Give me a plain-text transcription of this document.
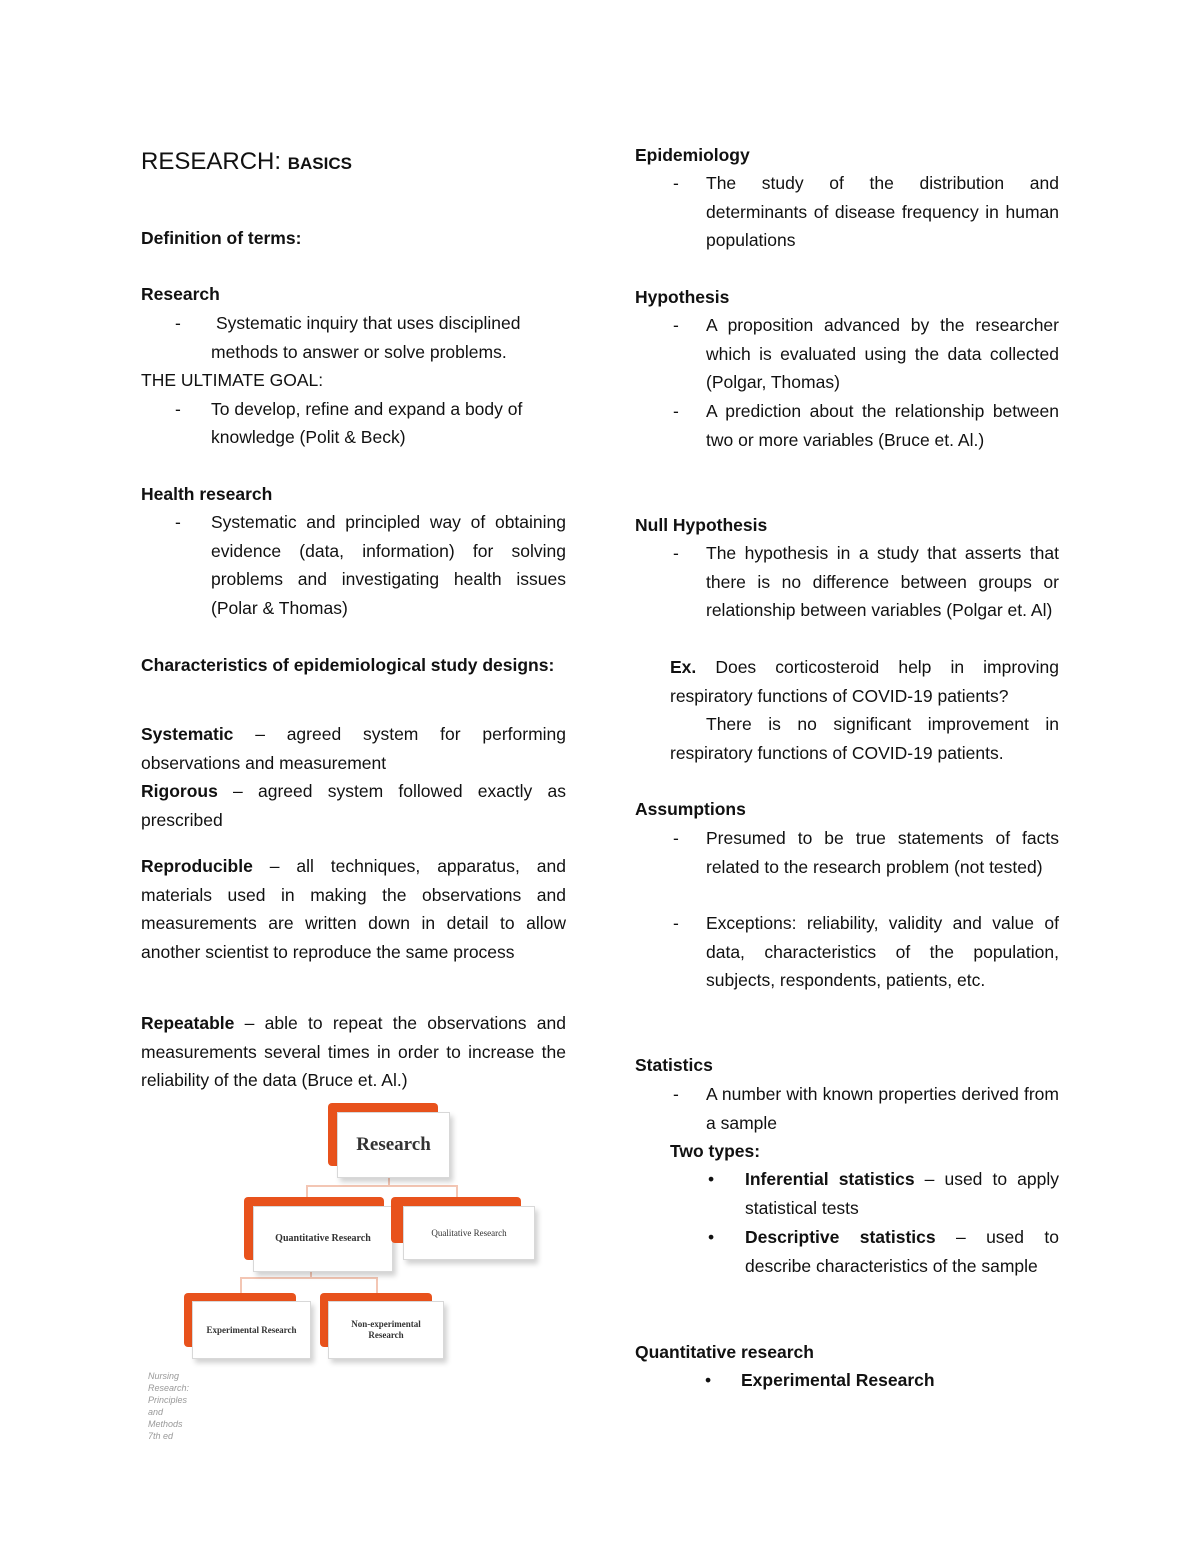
RESEARCH: BASICS
Definition of terms:
Research
- Systematic inquiry that uses disciplined
methods to answer or solve problems.
THE ULTIMATE GOAL:
- To develop, refine and expand a body of
knowledge (Polit & Beck)
Health research
- Systematic and principled way of obtaining evidence (data, information) for solving problems and investigating health issues (Polar & Thomas)
Characteristics of epidemiological study designs:
Systematic – agreed system for performing observations and measurement
Rigorous – agreed system followed exactly as prescribed
Reproducible – all techniques, apparatus, and materials used in making the observations and measurements are written down in detail to allow another scientist to reproduce the same process
Repeatable – able to repeat the observations and measurements several times in order to increase the reliability of the data (Bruce et. Al.)
Research
Quantitative Research	Qualitative Research
Experimental Research
Non-experimental Research
Nursing Research: Principles and Methods 7th ed
Epidemiology
- The study of the distribution and determinants of disease frequency in human populations
Hypothesis
- A proposition advanced by the researcher which is evaluated using the data collected (Polgar, Thomas)
- A prediction about the relationship between two or more variables (Bruce et. Al.)
Null Hypothesis
- The hypothesis in a study that asserts that there is no difference between groups or relationship between variables (Polgar et. Al)
Ex. Does corticosteroid help in improving respiratory functions of COVID-19 patients?
There is no significant improvement in respiratory functions of COVID-19 patients.
Assumptions
- Presumed to be true statements of facts related to the research problem (not tested)
- Exceptions: reliability, validity and value of data, characteristics of the population, subjects, respondents, patients, etc.
Statistics
- A number with known properties derived from a sample
Two types:
• Inferential statistics – used to apply statistical tests
• Descriptive statistics – used to describe characteristics of the sample
Quantitative research
• Experimental Research
